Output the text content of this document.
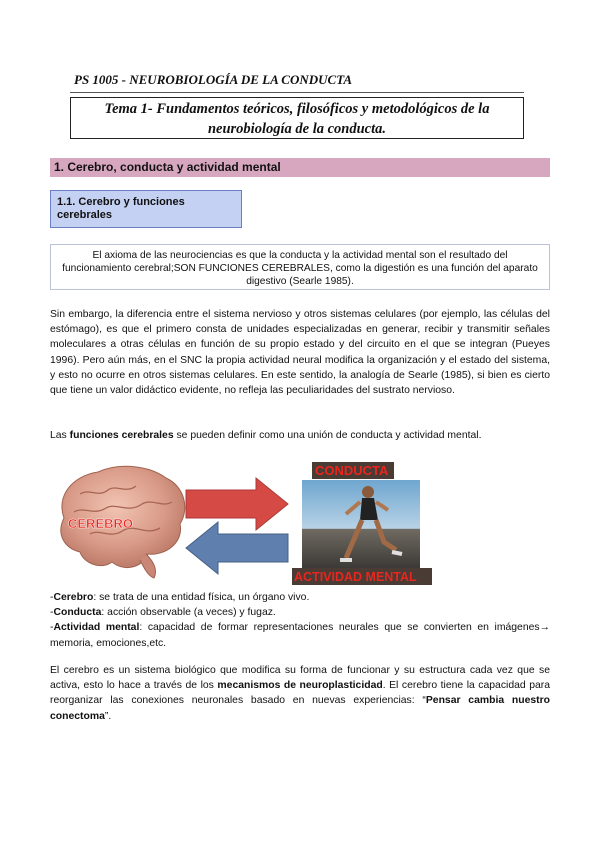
PS 1005 - NEUROBIOLOGÍA DE LA CONDUCTA
Tema 1- Fundamentos teóricos, filosóficos y metodológicos de la
neurobiología de la conducta.
1. Cerebro, conducta y actividad mental
1.1. Cerebro y funciones
cerebrales
El axioma de las neurociencias es que la conducta y la actividad mental son el resultado del funcionamiento cerebral;SON FUNCIONES CEREBRALES, como la digestión es una función del aparato digestivo (Searle 1985).
Sin embargo, la diferencia entre el sistema nervioso y otros sistemas celulares (por ejemplo, las células del estómago), es que el primero consta de unidades especializadas en generar, recibir y transmitir señales moleculares a otras células en función de su propio estado y del circuito en el que se integran (Pueyes 1996). Pero aún más, en el SNC la propia actividad neural modifica la organización y el estado del sistema, y esto no ocurre en otros sistemas celulares. En este sentido, la analogía de Searle (1985), si bien es cierto que tiene un valor didáctico evidente, no refleja las peculiaridades del sustrato nervioso.
Las funciones cerebrales se pueden definir como una unión de conducta y actividad mental.
CEREBRO
CONDUCTA
ACTIVIDAD MENTAL
-Cerebro: se trata de una entidad física, un órgano vivo.
-Conducta: acción observable (a veces) y fugaz.
-Actividad mental: capacidad de formar representaciones neurales que se convierten en imágenes→ memoria, emociones,etc.
El cerebro es un sistema biológico que modifica su forma de funcionar y su estructura cada vez que se activa, esto lo hace a través de los mecanismos de neuroplasticidad. El cerebro tiene la capacidad para reorganizar las conexiones neuronales basado en nuevas experiencias: “Pensar cambia nuestro conectoma”.
